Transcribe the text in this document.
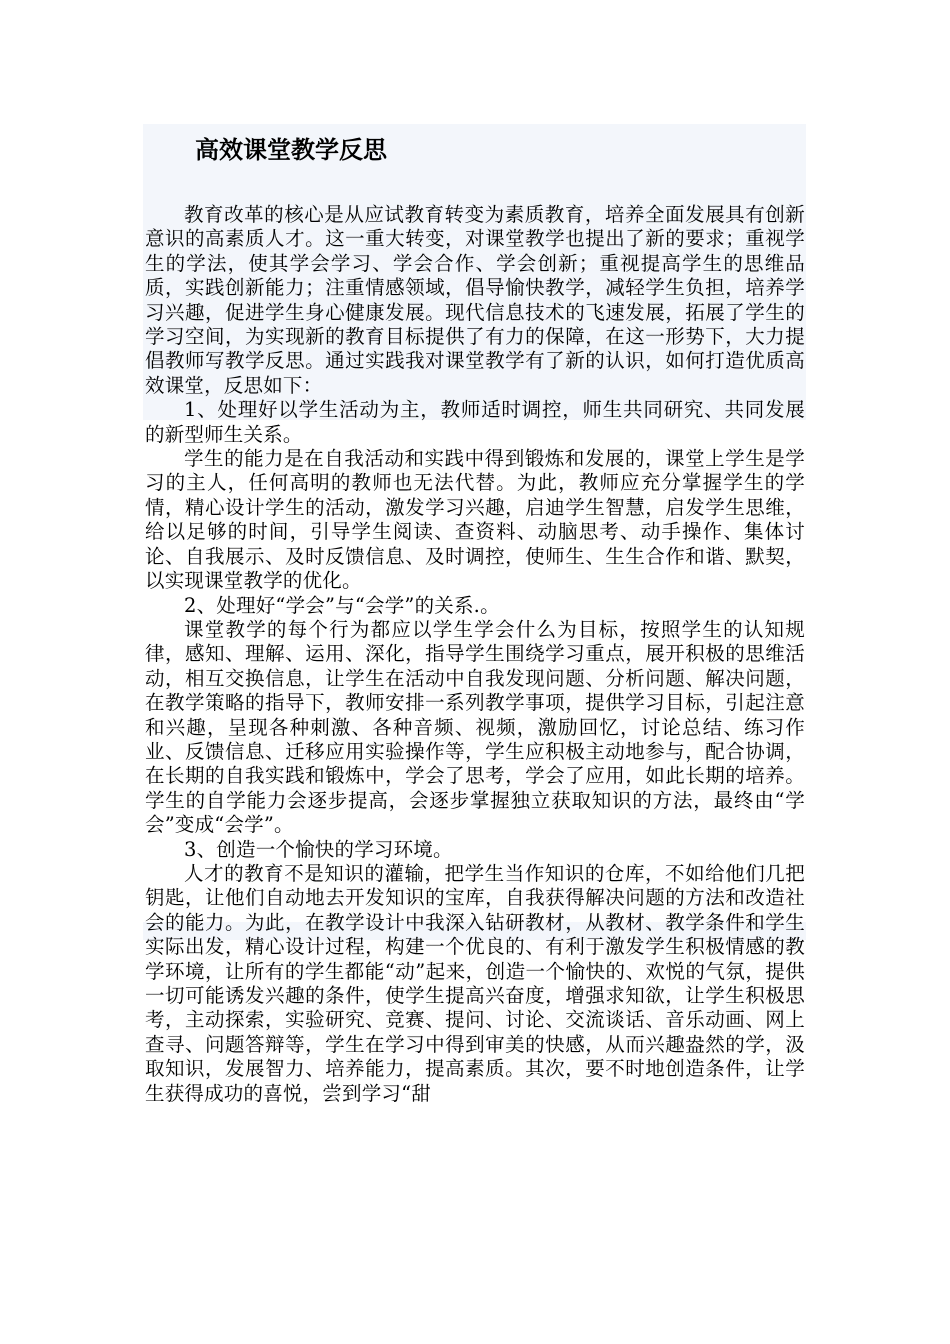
高效课堂教学反思

教育改革的核心是从应试教育转变为素质教育，培养全面发展具有创新意识的高素质人才。这一重大转变，对课堂教学也提出了新的要求；重视学生的学法，使其学会学习、学会合作、学会创新；重视提高学生的思维品质，实践创新能力；注重情感领域，倡导愉快教学，减轻学生负担，培养学习兴趣，促进学生身心健康发展。现代信息技术的飞速发展，拓展了学生的学习空间，为实现新的教育目标提供了有力的保障，在这一形势下，大力提倡教师写教学反思。通过实践我对课堂教学有了新的认识，如何打造优质高效课堂，反思如下：

1、处理好以学生活动为主，教师适时调控，师生共同研究、共同发展的新型师生关系。

学生的能力是在自我活动和实践中得到锻炼和发展的，课堂上学生是学习的主人，任何高明的教师也无法代替。为此，教师应充分掌握学生的学情，精心设计学生的活动，激发学习兴趣，启迪学生智慧，启发学生思维，给以足够的时间，引导学生阅读、查资料、动脑思考、动手操作、集体讨论、自我展示、及时反馈信息、及时调控，使师生、生生合作和谐、默契，以实现课堂教学的优化。

2、处理好“学会”与“会学”的关系.。

课堂教学的每个行为都应以学生学会什么为目标，按照学生的认知规律，感知、理解、运用、深化，指导学生围绕学习重点，展开积极的思维活动，相互交换信息，让学生在活动中自我发现问题、分析问题、解决问题，在教学策略的指导下，教师安排一系列教学事项，提供学习目标，引起注意和兴趣，呈现各种刺激、各种音频、视频，激励回忆，讨论总结、练习作业、反馈信息、迁移应用实验操作等，学生应积极主动地参与，配合协调，在长期的自我实践和锻炼中，学会了思考，学会了应用，如此长期的培养。学生的自学能力会逐步提高，会逐步掌握独立获取知识的方法，最终由“学会”变成“会学”。

3、创造一个愉快的学习环境。

人才的教育不是知识的灌输，把学生当作知识的仓库，不如给他们几把钥匙，让他们自动地去开发知识的宝库，自我获得解决问题的方法和改造社会的能力。为此，在教学设计中我深入钻研教材，从教材、教学条件和学生实际出发，精心设计过程，构建一个优良的、有利于激发学生积极情感的教学环境，让所有的学生都能“动”起来，创造一个愉快的、欢悦的气氛，提供一切可能诱发兴趣的条件，使学生提高兴奋度，增强求知欲，让学生积极思考，主动探索，实验研究、竞赛、提问、讨论、交流谈话、音乐动画、网上查寻、问题答辩等，学生在学习中得到审美的快感，从而兴趣盎然的学，汲取知识，发展智力、培养能力，提高素质。其次，要不时地创造条件，让学生获得成功的喜悦，尝到学习“甜
